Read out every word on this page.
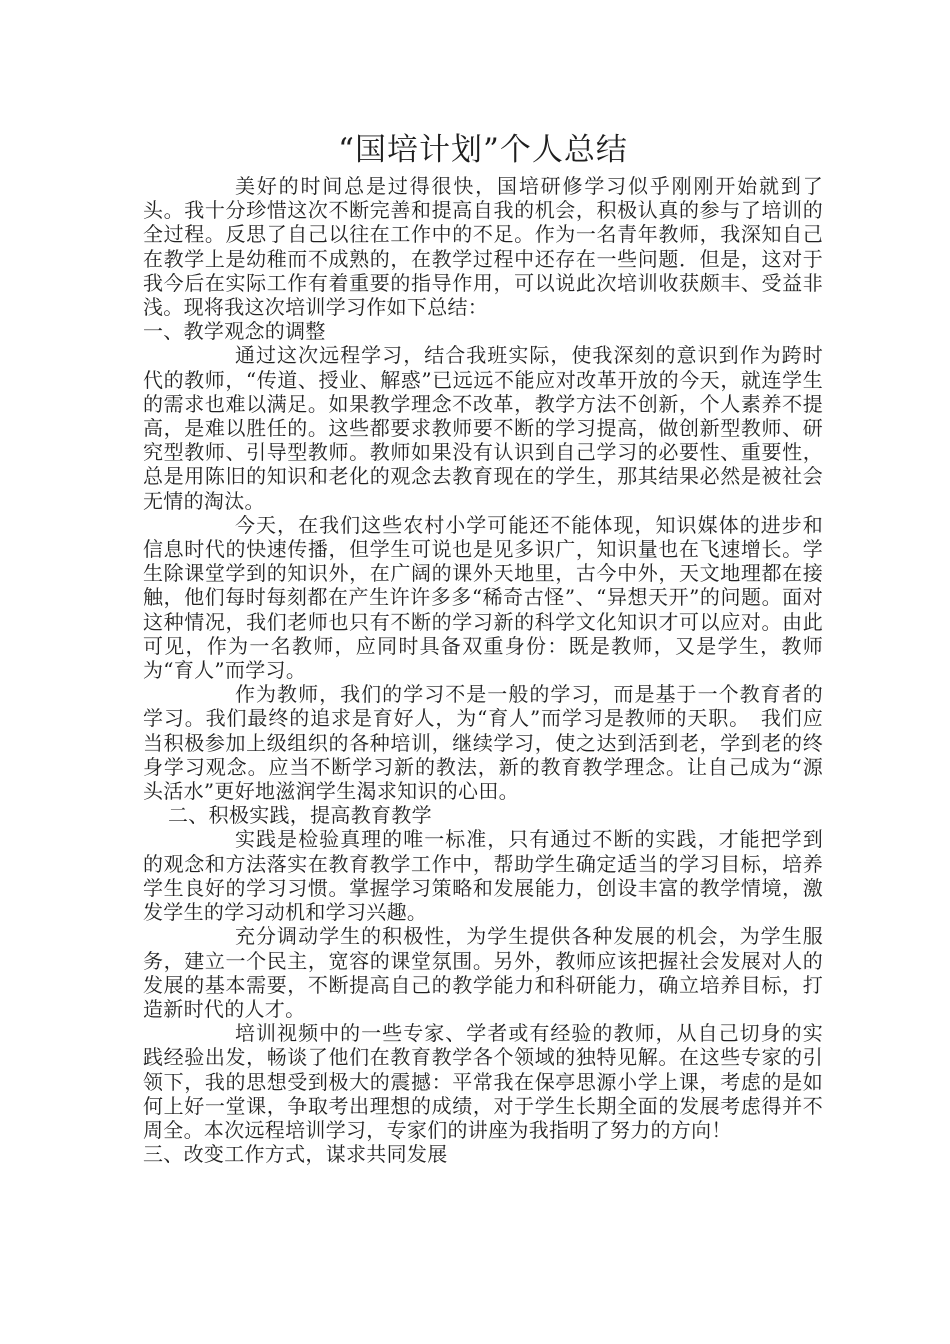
“国培计划”个人总结

美好的时间总是过得很快，国培研修学习似乎刚刚开始就到了头。我十分珍惜这次不断完善和提高自我的机会，积极认真的参与了培训的全过程。反思了自己以往在工作中的不足。作为一名青年教师，我深知自己在教学上是幼稚而不成熟的，在教学过程中还存在一些问题．但是，这对于我今后在实际工作有着重要的指导作用，可以说此次培训收获颇丰、受益非浅。现将我这次培训学习作如下总结：

一、教学观念的调整

通过这次远程学习，结合我班实际，使我深刻的意识到作为跨时代的教师，“传道、授业、解惑”已远远不能应对改革开放的今天，就连学生的需求也难以满足。如果教学理念不改革，教学方法不创新，个人素养不提高，是难以胜任的。这些都要求教师要不断的学习提高，做创新型教师、研究型教师、引导型教师。教师如果没有认识到自己学习的必要性、重要性，总是用陈旧的知识和老化的观念去教育现在的学生，那其结果必然是被社会无情的淘汰。

今天，在我们这些农村小学可能还不能体现，知识媒体的进步和信息时代的快速传播，但学生可说也是见多识广，知识量也在飞速增长。学生除课堂学到的知识外，在广阔的课外天地里，古今中外，天文地理都在接触，他们每时每刻都在产生许许多多“稀奇古怪”、“异想天开”的问题。面对这种情况，我们老师也只有不断的学习新的科学文化知识才可以应对。由此可见，作为一名教师，应同时具备双重身份：既是教师，又是学生，教师为“育人”而学习。

作为教师，我们的学习不是一般的学习，而是基于一个教育者的学习。我们最终的追求是育好人，为“育人”而学习是教师的天职。　我们应当积极参加上级组织的各种培训，继续学习，使之达到活到老，学到老的终身学习观念。应当不断学习新的教法，新的教育教学理念。让自己成为“源头活水”更好地滋润学生渴求知识的心田。

二、积极实践，提高教育教学

实践是检验真理的唯一标准，只有通过不断的实践，才能把学到的观念和方法落实在教育教学工作中，帮助学生确定适当的学习目标，培养学生良好的学习习惯。掌握学习策略和发展能力，创设丰富的教学情境，激发学生的学习动机和学习兴趣。

充分调动学生的积极性，为学生提供各种发展的机会，为学生服务，建立一个民主，宽容的课堂氛围。另外，教师应该把握社会发展对人的发展的基本需要，不断提高自己的教学能力和科研能力，确立培养目标，打造新时代的人才。

培训视频中的一些专家、学者或有经验的教师，从自己切身的实践经验出发，畅谈了他们在教育教学各个领域的独特见解。在这些专家的引领下，我的思想受到极大的震撼：平常我在保亭思源小学上课，考虑的是如何上好一堂课，争取考出理想的成绩，对于学生长期全面的发展考虑得并不周全。本次远程培训学习，专家们的讲座为我指明了努力的方向！

三、改变工作方式，谋求共同发展
